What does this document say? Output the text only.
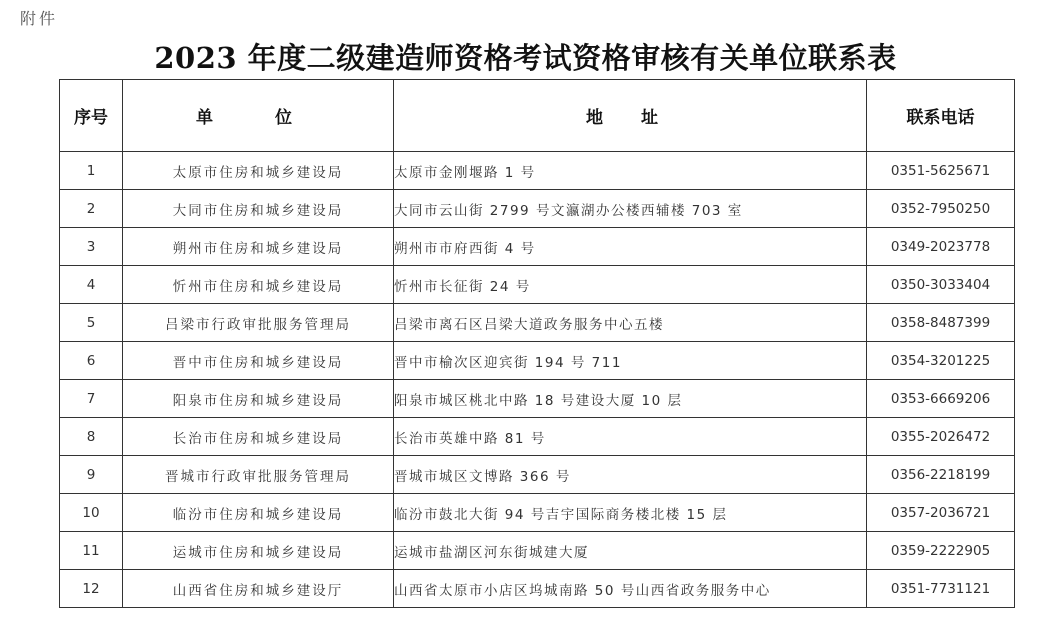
附件
2023 年度二级建造师资格考试资格审核有关单位联系表
序号	单 位	地 址	联系电话
1	太原市住房和城乡建设局	太原市金刚堰路 1 号	0351-5625671
2	大同市住房和城乡建设局	大同市云山街 2799 号文瀛湖办公楼西辅楼 703 室	0352-7950250
3	朔州市住房和城乡建设局	朔州市市府西街 4 号	0349-2023778
4	忻州市住房和城乡建设局	忻州市长征街 24 号	0350-3033404
5	吕梁市行政审批服务管理局	吕梁市离石区吕梁大道政务服务中心五楼	0358-8487399
6	晋中市住房和城乡建设局	晋中市榆次区迎宾街 194 号 711	0354-3201225
7	阳泉市住房和城乡建设局	阳泉市城区桃北中路 18 号建设大厦 10 层	0353-6669206
8	长治市住房和城乡建设局	长治市英雄中路 81 号	0355-2026472
9	晋城市行政审批服务管理局	晋城市城区文博路 366 号	0356-2218199
10	临汾市住房和城乡建设局	临汾市鼓北大街 94 号吉宇国际商务楼北楼 15 层	0357-2036721
11	运城市住房和城乡建设局	运城市盐湖区河东街城建大厦	0359-2222905
12	山西省住房和城乡建设厅	山西省太原市小店区坞城南路 50 号山西省政务服务中心	0351-7731121
